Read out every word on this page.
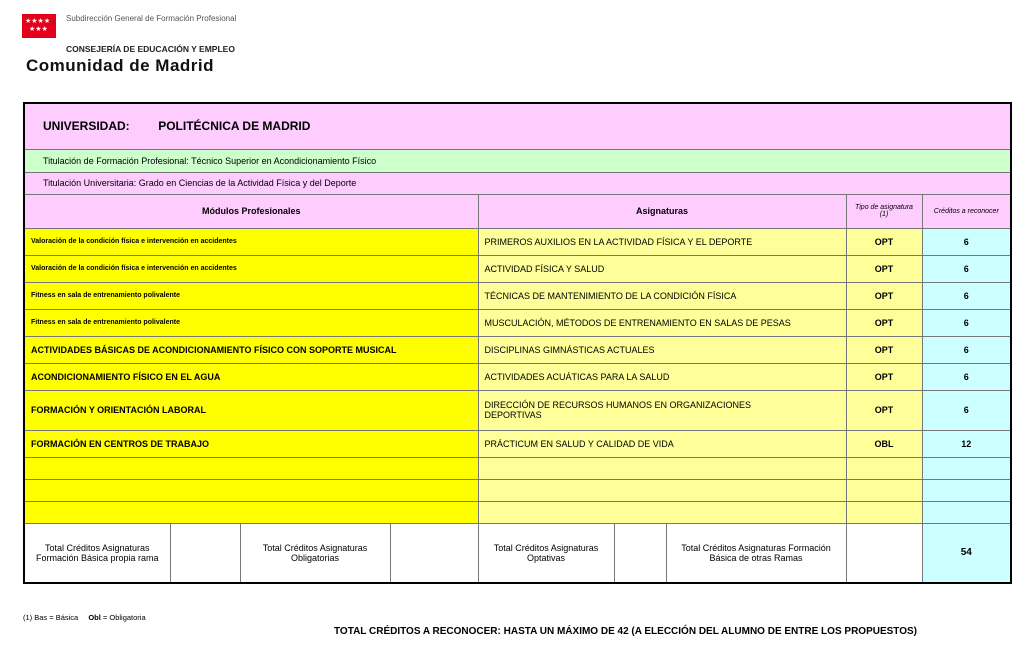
★★★★
★★★
Subdirección General de Formación Profesional
CONSEJERÍA DE EDUCACIÓN Y EMPLEO
Comunidad de Madrid
UNIVERSIDAD: POLITÉCNICA DE MADRID								
Titulación de Formación Profesional: Técnico Superior en Acondicionamiento Físico								
Titulación Universitaria: Grado en Ciencias de la Actividad Física y del Deporte								
Módulos Profesionales				Asignaturas			Tipo de asignatura (1)	Créditos a reconocer
Valoración de la condición física e intervención en accidentes				PRIMEROS AUXILIOS EN LA ACTIVIDAD FÍSICA Y EL DEPORTE			OPT	6
Valoración de la condición física e intervención en accidentes				ACTIVIDAD FÍSICA Y SALUD			OPT	6
Fitness en sala de entrenamiento polivalente				TÉCNICAS DE MANTENIMIENTO DE LA CONDICIÓN FÍSICA			OPT	6
Fitness en sala de entrenamiento polivalente				MUSCULACIÓN, MÉTODOS DE ENTRENAMIENTO EN SALAS DE PESAS			OPT	6
ACTIVIDADES BÁSICAS DE ACONDICIONAMIENTO FÍSICO CON SOPORTE MUSICAL				DISCIPLINAS GIMNÁSTICAS ACTUALES			OPT	6
ACONDICIONAMIENTO FÍSICO EN EL AGUA				ACTIVIDADES ACUÁTICAS PARA LA SALUD			OPT	6
FORMACIÓN Y ORIENTACIÓN LABORAL				DIRECCIÓN DE RECURSOS HUMANOS EN ORGANIZACIONES DEPORTIVAS			OPT	6
FORMACIÓN EN CENTROS DE TRABAJO				PRÁCTICUM EN SALUD Y CALIDAD DE VIDA			OBL	12

Total Créditos Asignaturas Formación Básica propia rama		Total Créditos Asignaturas Obligatorias		Total Créditos Asignaturas Optativas		Total Créditos Asignaturas Formación Básica de otras Ramas		54
(1) Bas = Básica Obl = Obligatoria
TOTAL CRÉDITOS A RECONOCER: HASTA UN MÁXIMO DE 42 (A ELECCIÓN DEL ALUMNO DE ENTRE LOS PROPUESTOS)
